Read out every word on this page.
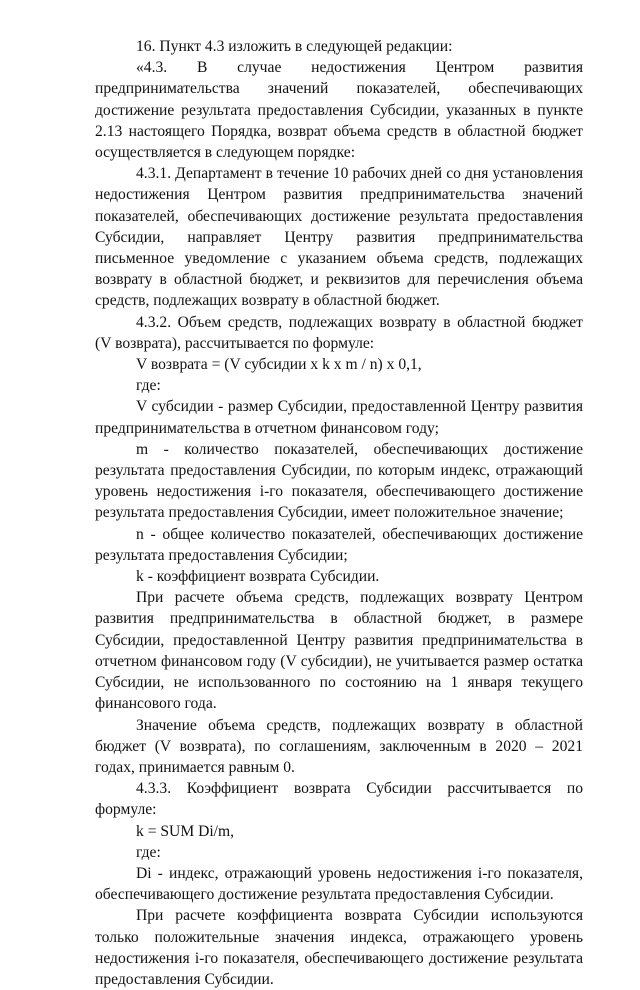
16. Пункт 4.3 изложить в следующей редакции:

«4.3. В случае недостижения Центром развития предпринимательства значений показателей, обеспечивающих достижение результата предоставления Субсидии, указанных в пункте 2.13 настоящего Порядка, возврат объема средств в областной бюджет осуществляется в следующем порядке:

4.3.1. Департамент в течение 10 рабочих дней со дня установления недостижения Центром развития предпринимательства значений показателей, обеспечивающих достижение результата предоставления Субсидии, направляет Центру развития предпринимательства письменное уведомление с указанием объема средств, подлежащих возврату в областной бюджет, и реквизитов для перечисления объема средств, подлежащих возврату в областной бюджет.

4.3.2. Объем средств, подлежащих возврату в областной бюджет (V возврата), рассчитывается по формуле:

V возврата = (V субсидии х k х m / n) х 0,1,

где:

V субсидии - размер Субсидии, предоставленной Центру развития предпринимательства в отчетном финансовом году;

m - количество показателей, обеспечивающих достижение результата предоставления Субсидии, по которым индекс, отражающий уровень недостижения i-го показателя, обеспечивающего достижение результата предоставления Субсидии, имеет положительное значение;

n - общее количество показателей, обеспечивающих достижение результата предоставления Субсидии;

k - коэффициент возврата Субсидии.

При расчете объема средств, подлежащих возврату Центром развития предпринимательства в областной бюджет, в размере Субсидии, предоставленной Центру развития предпринимательства в отчетном финансовом году (V субсидии), не учитывается размер остатка Субсидии, не использованного по состоянию на 1 января текущего финансового года.

Значение объема средств, подлежащих возврату в областной бюджет (V возврата), по соглашениям, заключенным в 2020 – 2021 годах, принимается равным 0.

4.3.3. Коэффициент возврата Субсидии рассчитывается по формуле:

k = SUM Di/m,

где:

Di - индекс, отражающий уровень недостижения i-го показателя, обеспечивающего достижение результата предоставления Субсидии.

При расчете коэффициента возврата Субсидии используются только положительные значения индекса, отражающего уровень недостижения i-го показателя, обеспечивающего достижение результата предоставления Субсидии.
